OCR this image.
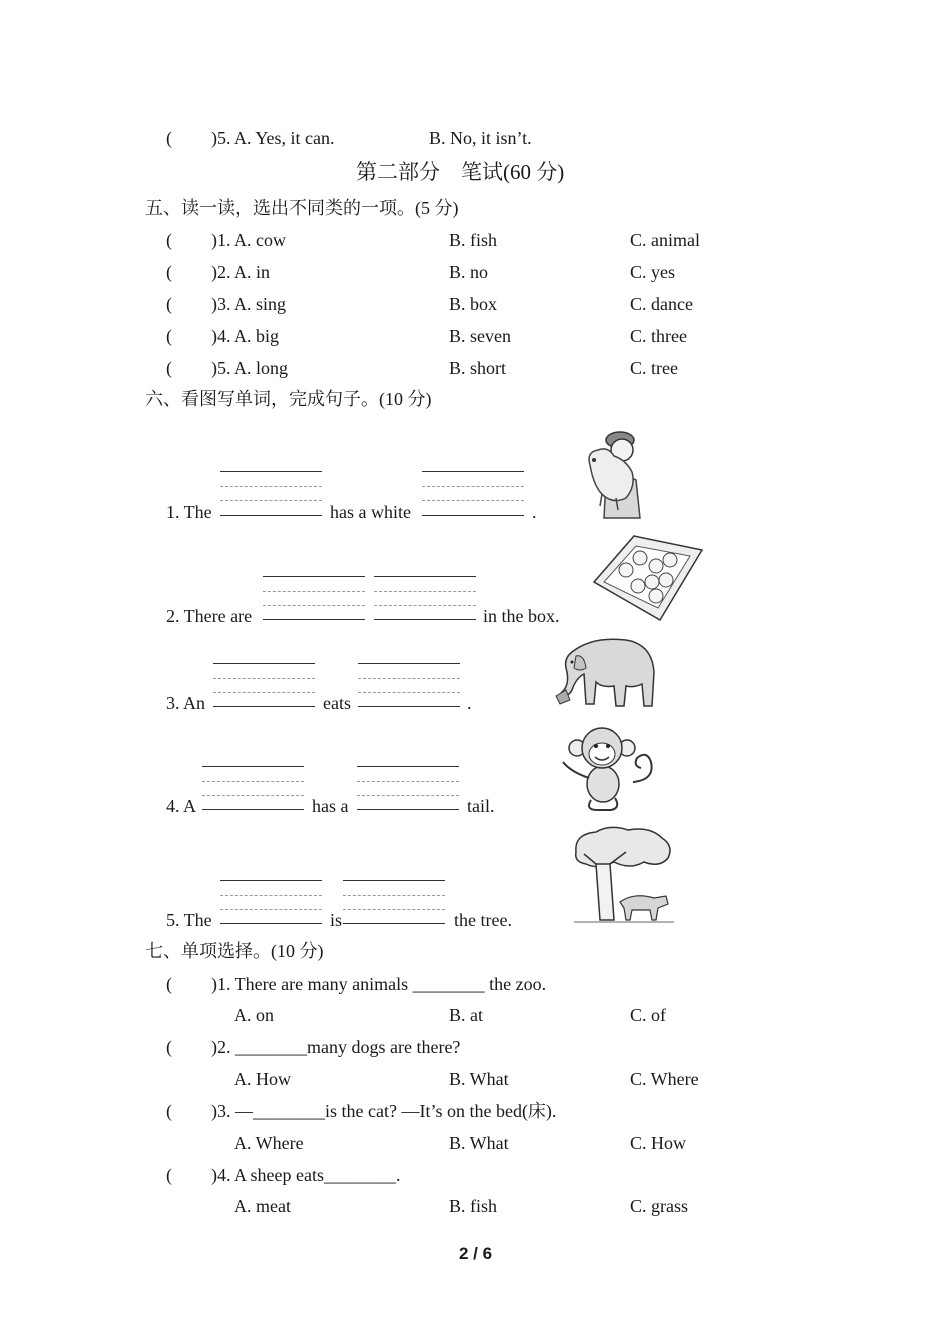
( )5. A. Yes, it can.	B. No, it isn’t.
第二部分　笔试(60 分)
五、读一读，选出不同类的一项。(5 分)
( )1. A. cow	B. fish	C. animal
( )2. A. in	B. no	C. yes
( )3. A. sing	B. box	C. dance
( )4. A. big	B. seven	C. three
( )5. A. long	B. short	C. tree
六、看图写单词，完成句子。(10 分)
1. The	has a white	.
2. There are	in the box.
3. An	eats	.
4. A	has a	tail.
5. The	is	the tree.
七、单项选择。(10 分)
( )1. There are many animals ________ the zoo.
A. on	B. at	C. of
( )2. ________many dogs are there?
A. How	B. What	C. Where
( )3. —________is the cat? —It’s on the bed(床).
A. Where	B. What	C. How
( )4. A sheep eats________.
A. meat	B. fish	C. grass
2 / 6
